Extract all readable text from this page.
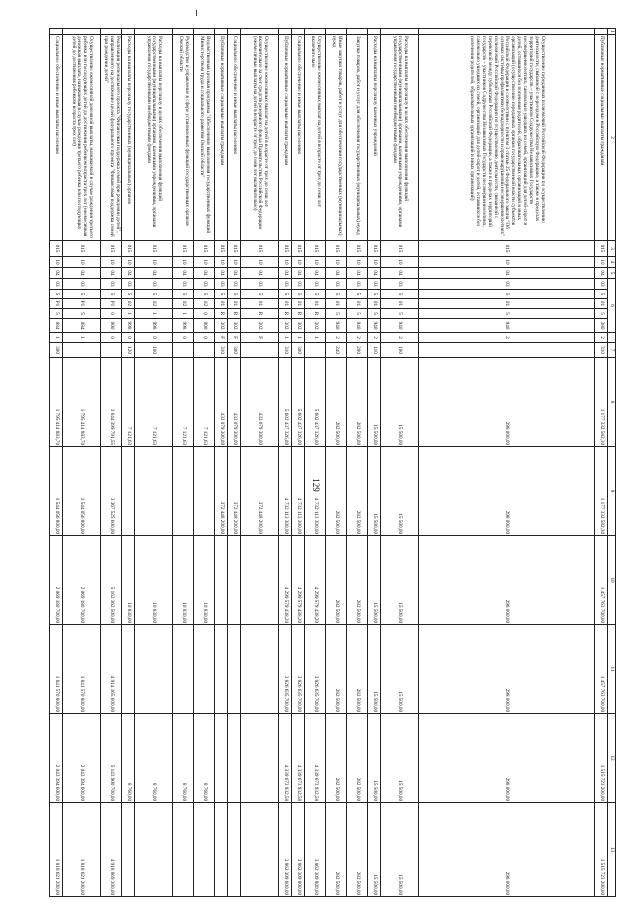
129
1	2	3	4	5	6						7	8	9	10	11	12	13
	Публичные нормативные социальные выплаты гражданам	015	10	04	03	5	01	5	380	2	310	1 177 332 582,30	1 177 332 582,30	1 457 763 700,00	1 457 763 700,00	1 515 723 200,00	1 515 723 200,00
	Осуществление переданных полномочий Российской Федерации по осуществлению деятельности, связанной с переездом в Российскую Федерацию, а также в пределах территорий государств – участников Содружества Независимых Государств несовершеннолетних, самовольно ушедших из семей, организаций для детей-сирот и детей, оставшихся без попечения родителей, образовательных организаций и иных организаций (осуществление переданных органам государственной власти субъектов Российской Федерации в соответствии с пунктом 3 статьи 25 Федерального закона "Об основах системы профилактики безнадзорности и правонарушений несовершеннолетних" полномочий Российской Федерации по осуществлению деятельности, связанной с перевозкой между субъектами Российской Федерации, а также в пределах территорий государств – участников Содружества Независимых Государств несовершеннолетних, самовольно ушедших из семей, организаций для детей-сирот и детей, оставшихся без попечения родителей, образовательных организаций и иных организаций)	015	10	04	03	5	01	5	940	2		298 000,00	298 000,00	298 000,00	298 000,00	298 000,00	298 000,00
	Расходы на выплаты персоналу в целях обеспечения выполнения функций государственными (муниципальными) органами, казенными учреждениями, органами управления государственными внебюджетными фондами	015	10	04	03	5	01	5	940	2	100	15 500,00	15 500,00	15 500,00	15 500,00	15 500,00	15 500,00
	Расходы на выплаты персоналу казенных учреждений	015	10	04	03	5	01	5	940	2	110	15 500,00	15 500,00	15 500,00	15 500,00	15 500,00	15 500,00
	Закупка товаров, работ и услуг для обеспечения государственных (муниципальных) нужд	015	10	04	03	5	01	5	940	2	200	282 500,00	282 500,00	282 500,00	282 500,00	282 500,00	282 500,00
	Иные закупки товаров, работ и услуг для обеспечения государственных (муниципальных) нужд	015	10	04	03	5	01	5	940	2	240	282 500,00	282 500,00	282 500,00	282 500,00	282 500,00	282 500,00
	Осуществление ежемесячных выплат на детей в возрасте от трех до семи лет включительно	015	10	04	03	5	01	R	302	1		5 602 437 326,00	4 732 113 300,00	4 299 579 438,20	3 826 635 700,00	4 339 673 932,58	3 862 309 800,00
	Социальное обеспечение и иные выплаты населению	015	10	04	03	5	01	R	302	1	300	5 602 437 326,00	4 732 113 300,00	4 299 579 438,20	3 826 635 700,00	4 339 673 932,58	3 862 309 800,00
	Публичные нормативные социальные выплаты гражданам	015	10	04	03	5	01	R	302	1	310	5 602 437 326,00	4 732 113 300,00	4 299 579 438,20	3 826 635 700,00	4 339 673 932,58	3 862 309 800,00
	Осуществление ежемесячных выплат на детей в возрасте от трех до семи лет включительно за счет средств резервного фонда Правительства Российской Федерации (ежемесячные выплаты на детей в возрасте от трех до семи лет включительно)	015	10	04	03	5	01	R	302	F		433 079 300,00	372 448 200,00				
	Социальное обеспечение и иные выплаты населению	015	10	04	03	5	01	R	302	F	300	433 079 300,00	372 448 200,00				
	Публичные нормативные социальные выплаты гражданам	015	10	04	03	5	01	R	302	F	310	433 079 300,00	372 448 200,00				
	Ведомственная целевая программа "Обеспечение выполнения государственных функций Министерством труда и социального развития Омской области"	015	10	04	03	5	02	0	000	0		7 121,63		10 830,00		8 760,00	
	Руководство и управление в сфере установленных функций государственных органов Омской области	015	10	04	03	5	02	1	998	0		7 121,63		10 830,00		8 760,00	
	Расходы на выплаты персоналу в целях обеспечения выполнения функций государственными (муниципальными) органами, казенными учреждениями, органами управления государственными внебюджетными фондами	015	10	04	03	5	02	1	998	0	100	7 121,63		10 830,00		8 760,00	
	Расходы на выплаты персоналу государственных (муниципальных) органов	015	10	04	03	5	02	1	998	0	120	7 121,63		10 830,00		8 760,00	
	Реализация регионального проекта "Финансовая поддержка семей при рождении детей", направленного на достижение целей федерального проекта "Финансовая поддержка семей при рождении детей"	015	10	04	03	5	P1	0	000	0		3 644 399 791,55	3 367 525 600,00	5 162 362 500,00	4 914 165 600,00	5 143 900 700,00	4 918 869 300,00
	Осуществление ежемесячной денежной выплаты, назначаемой в случае рождения третьего ребенка или последующих детей до достижения ребенком возраста трех лет (ежемесячная денежная выплата, назначаемая в случае рождения третьего ребенка или последующих детей до достижения ребенком возраста трех лет)	015	10	04	03	5	P1	5	084	1		1 795 414 883,70	1 544 056 800,00	2 069 180 700,00	1 841 570 800,00	2 043 394 600,00	1 818 621 200,00
	Социальное обеспечение и иные выплаты населению	015	10	04	03	5	P1	5	084	1	300	1 795 414 883,70	1 544 056 800,00	2 069 180 700,00	1 841 570 800,00	2 043 394 600,00	1 818 621 200,00
